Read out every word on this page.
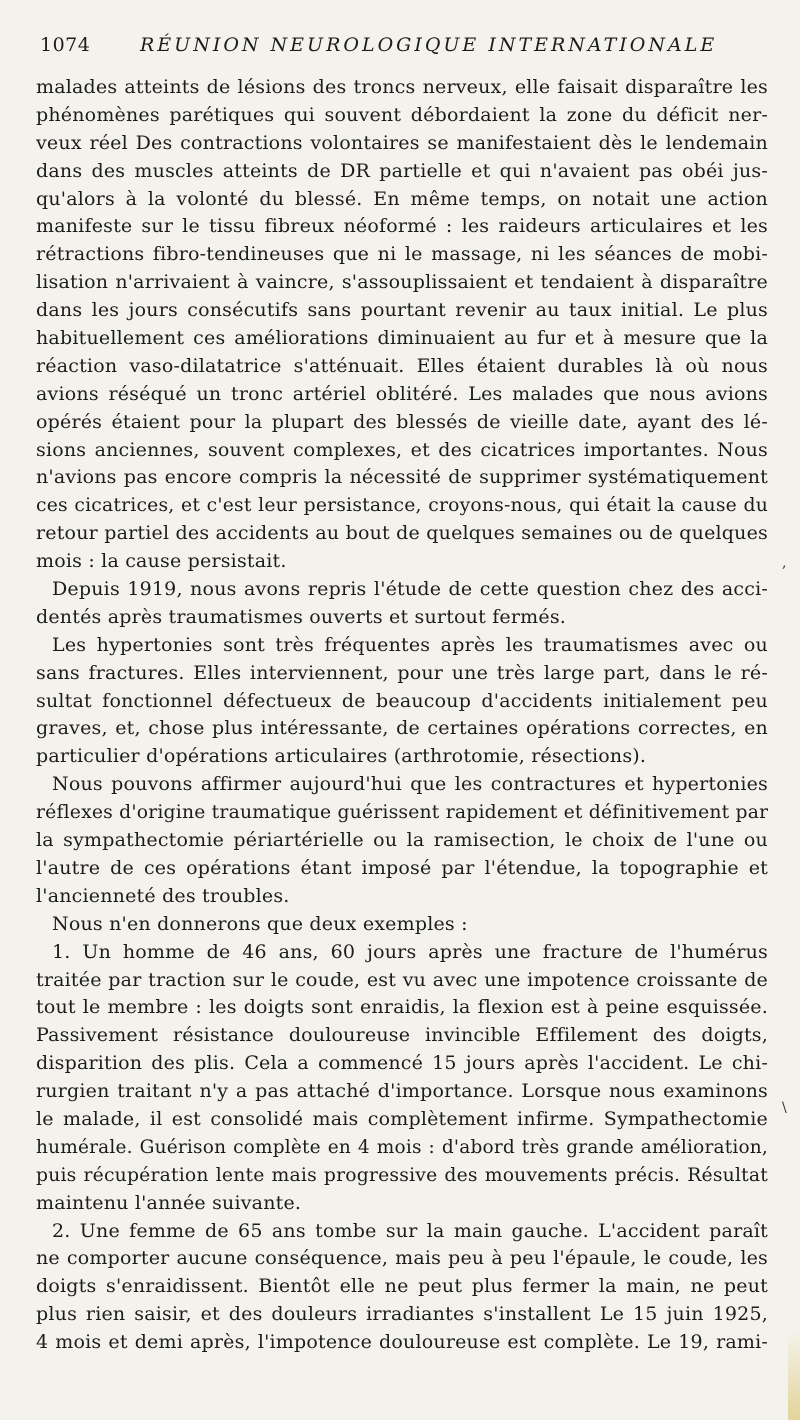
1074	RÉUNION NEUROLOGIQUE INTERNATIONALE
malades atteints de lésions des troncs nerveux, elle faisait disparaître les
phénomènes parétiques qui souvent débordaient la zone du déficit ner-
veux réel Des contractions volontaires se manifestaient dès le lendemain
dans des muscles atteints de DR partielle et qui n'avaient pas obéi jus-
qu'alors à la volonté du blessé. En même temps, on notait une action
manifeste sur le tissu fibreux néoformé : les raideurs articulaires et les
rétractions fibro-tendineuses que ni le massage, ni les séances de mobi-
lisation n'arrivaient à vaincre, s'assouplissaient et tendaient à disparaître
dans les jours consécutifs sans pourtant revenir au taux initial. Le plus
habituellement ces améliorations diminuaient au fur et à mesure que la
réaction vaso-dilatatrice s'atténuait. Elles étaient durables là où nous
avions réséqué un tronc artériel oblitéré. Les malades que nous avions
opérés étaient pour la plupart des blessés de vieille date, ayant des lé-
sions anciennes, souvent complexes, et des cicatrices importantes. Nous
n'avions pas encore compris la nécessité de supprimer systématiquement
ces cicatrices, et c'est leur persistance, croyons-nous, qui était la cause du
retour partiel des accidents au bout de quelques semaines ou de quelques
mois : la cause persistait.
Depuis 1919, nous avons repris l'étude de cette question chez des acci-
dentés après traumatismes ouverts et surtout fermés.
Les hypertonies sont très fréquentes après les traumatismes avec ou
sans fractures. Elles interviennent, pour une très large part, dans le ré-
sultat fonctionnel défectueux de beaucoup d'accidents initialement peu
graves, et, chose plus intéressante, de certaines opérations correctes, en
particulier d'opérations articulaires (arthrotomie, résections).
Nous pouvons affirmer aujourd'hui que les contractures et hypertonies
réflexes d'origine traumatique guérissent rapidement et définitivement par
la sympathectomie périartérielle ou la ramisection, le choix de l'une ou
l'autre de ces opérations étant imposé par l'étendue, la topographie et
l'ancienneté des troubles.
Nous n'en donnerons que deux exemples :
1. Un homme de 46 ans, 60 jours après une fracture de l'humérus
traitée par traction sur le coude, est vu avec une impotence croissante de
tout le membre : les doigts sont enraidis, la flexion est à peine esquissée.
Passivement résistance douloureuse invincible Effilement des doigts,
disparition des plis. Cela a commencé 15 jours après l'accident. Le chi-
rurgien traitant n'y a pas attaché d'importance. Lorsque nous examinons
le malade, il est consolidé mais complètement infirme. Sympathectomie
humérale. Guérison complète en 4 mois : d'abord très grande amélioration,
puis récupération lente mais progressive des mouvements précis. Résultat
maintenu l'année suivante.
2. Une femme de 65 ans tombe sur la main gauche. L'accident paraît
ne comporter aucune conséquence, mais peu à peu l'épaule, le coude, les
doigts s'enraidissent. Bientôt elle ne peut plus fermer la main, ne peut
plus rien saisir, et des douleurs irradiantes s'installent Le 15 juin 1925,
4 mois et demi après, l'impotence douloureuse est complète. Le 19, rami-
,
\
